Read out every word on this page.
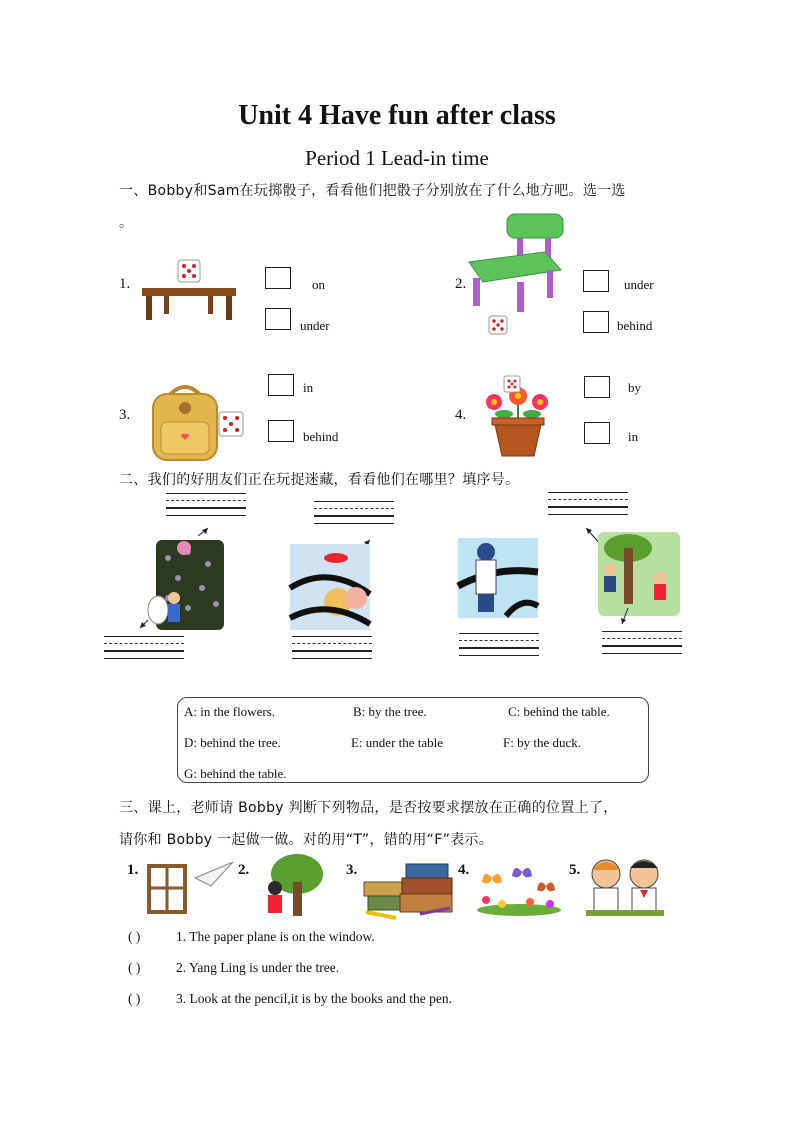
Unit 4 Have fun after class
Period 1 Lead-in time
一、Bobby和Sam在玩掷骰子，看看他们把骰子分别放在了什么地方吧。选一选
。
1.	on
under
2.	under
behind
3.
in
behind
4.
by
in
二、我们的好朋友们正在玩捉迷藏，看看他们在哪里？填序号。
A: in the flowers.	B: by the tree.	C: behind the table.
D: behind the tree.	E: under the table	F: by the duck.
G: behind the table.
三、课上，老师请 Bobby 判断下列物品，是否按要求摆放在正确的位置上了，
请你和 Bobby 一起做一做。对的用“T”，错的用“F”表示。
1.	2.	3.	4.	5.
( )	1. The paper plane is on the window.
( )	2. Yang Ling is under the tree.
( )	3. Look at the pencil,it is by the books and the pen.
